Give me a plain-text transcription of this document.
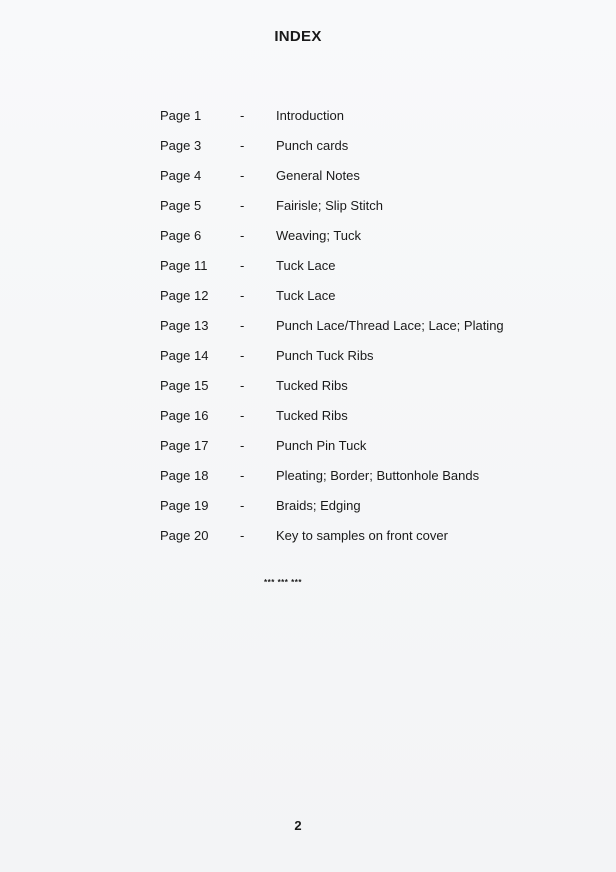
INDEX
Page 1	-	Introduction
Page 3	-	Punch cards
Page 4	-	General Notes
Page 5	-	Fairisle; Slip Stitch
Page 6	-	Weaving; Tuck
Page 11	-	Tuck Lace
Page 12	-	Tuck Lace
Page 13	-	Punch Lace/Thread Lace; Lace; Plating
Page 14	-	Punch Tuck Ribs
Page 15	-	Tucked Ribs
Page 16	-	Tucked Ribs
Page 17	-	Punch Pin Tuck
Page 18	-	Pleating; Border; Buttonhole Bands
Page 19	-	Braids; Edging
Page 20	-	Key to samples on front cover
*** *** ***
2
